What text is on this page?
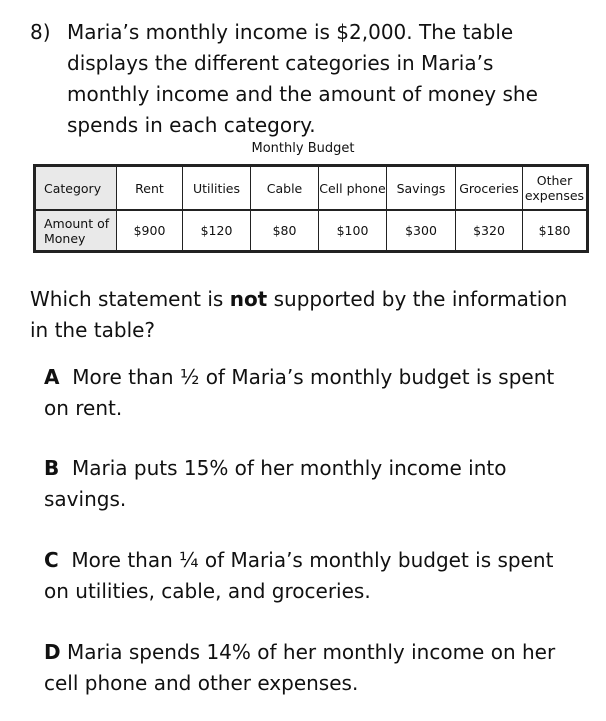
8) Maria’s monthly income is $2,000. The table displays the different categories in Maria’s monthly income and the amount of money she spends in each category.
Monthly Budget
Category	Rent	Utilities	Cable	Cell phone	Savings	Groceries	Other expenses
Amount of Money	$900	$120	$80	$100	$300	$320	$180
Which statement is not supported by the information in the table?
A More than ½ of Maria’s monthly budget is spent on rent.
B Maria puts 15% of her monthly income into savings.
C More than ¼ of Maria’s monthly budget is spent on utilities, cable, and groceries.
D Maria spends 14% of her monthly income on her cell phone and other expenses.
